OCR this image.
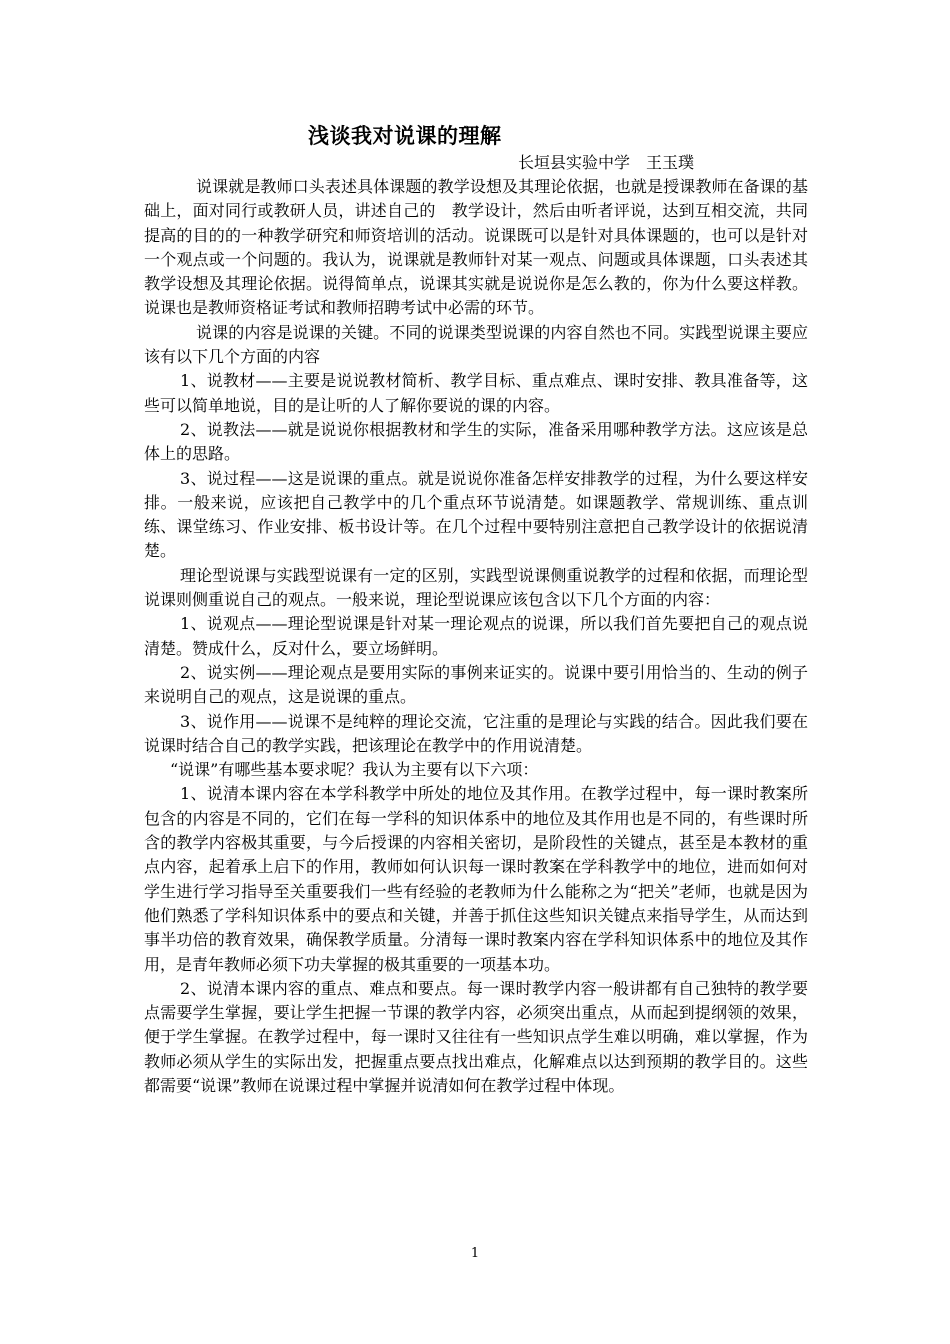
浅谈我对说课的理解
长垣县实验中学　王玉璞

说课就是教师口头表述具体课题的教学设想及其理论依据，也就是授课教师在备课的基础上，面对同行或教研人员，讲述自己的　教学设计，然后由听者评说，达到互相交流，共同提高的目的的一种教学研究和师资培训的活动。说课既可以是针对具体课题的，也可以是针对一个观点或一个问题的。我认为，说课就是教师针对某一观点、问题或具体课题，口头表述其教学设想及其理论依据。说得简单点，说课其实就是说说你是怎么教的，你为什么要这样教。说课也是教师资格证考试和教师招聘考试中必需的环节。

说课的内容是说课的关键。不同的说课类型说课的内容自然也不同。实践型说课主要应该有以下几个方面的内容

1、说教材——主要是说说教材简析、教学目标、重点难点、课时安排、教具准备等，这些可以简单地说，目的是让听的人了解你要说的课的内容。

2、说教法——就是说说你根据教材和学生的实际，准备采用哪种教学方法。这应该是总体上的思路。

3、说过程——这是说课的重点。就是说说你准备怎样安排教学的过程，为什么要这样安排。一般来说，应该把自己教学中的几个重点环节说清楚。如课题教学、常规训练、重点训练、课堂练习、作业安排、板书设计等。在几个过程中要特别注意把自己教学设计的依据说清楚。

理论型说课与实践型说课有一定的区别，实践型说课侧重说教学的过程和依据，而理论型说课则侧重说自己的观点。一般来说，理论型说课应该包含以下几个方面的内容：

1、说观点——理论型说课是针对某一理论观点的说课，所以我们首先要把自己的观点说清楚。赞成什么，反对什么，要立场鲜明。

2、说实例——理论观点是要用实际的事例来证实的。说课中要引用恰当的、生动的例子来说明自己的观点，这是说课的重点。

3、说作用——说课不是纯粹的理论交流，它注重的是理论与实践的结合。因此我们要在说课时结合自己的教学实践，把该理论在教学中的作用说清楚。

“说课”有哪些基本要求呢？我认为主要有以下六项：

1、说清本课内容在本学科教学中所处的地位及其作用。在教学过程中，每一课时教案所包含的内容是不同的，它们在每一学科的知识体系中的地位及其作用也是不同的，有些课时所含的教学内容极其重要，与今后授课的内容相关密切，是阶段性的关键点，甚至是本教材的重点内容，起着承上启下的作用，教师如何认识每一课时教案在学科教学中的地位，进而如何对学生进行学习指导至关重要我们一些有经验的老教师为什么能称之为“把关”老师，也就是因为他们熟悉了学科知识体系中的要点和关键，并善于抓住这些知识关键点来指导学生，从而达到事半功倍的教育效果，确保教学质量。分清每一课时教案内容在学科知识体系中的地位及其作用，是青年教师必须下功夫掌握的极其重要的一项基本功。

2、说清本课内容的重点、难点和要点。每一课时教学内容一般讲都有自己独特的教学要点需要学生掌握，要让学生把握一节课的教学内容，必须突出重点，从而起到提纲领的效果，便于学生掌握。在教学过程中，每一课时又往往有一些知识点学生难以明确，难以掌握，作为教师必须从学生的实际出发，把握重点要点找出难点，化解难点以达到预期的教学目的。这些都需要“说课”教师在说课过程中掌握并说清如何在教学过程中体现。

1
